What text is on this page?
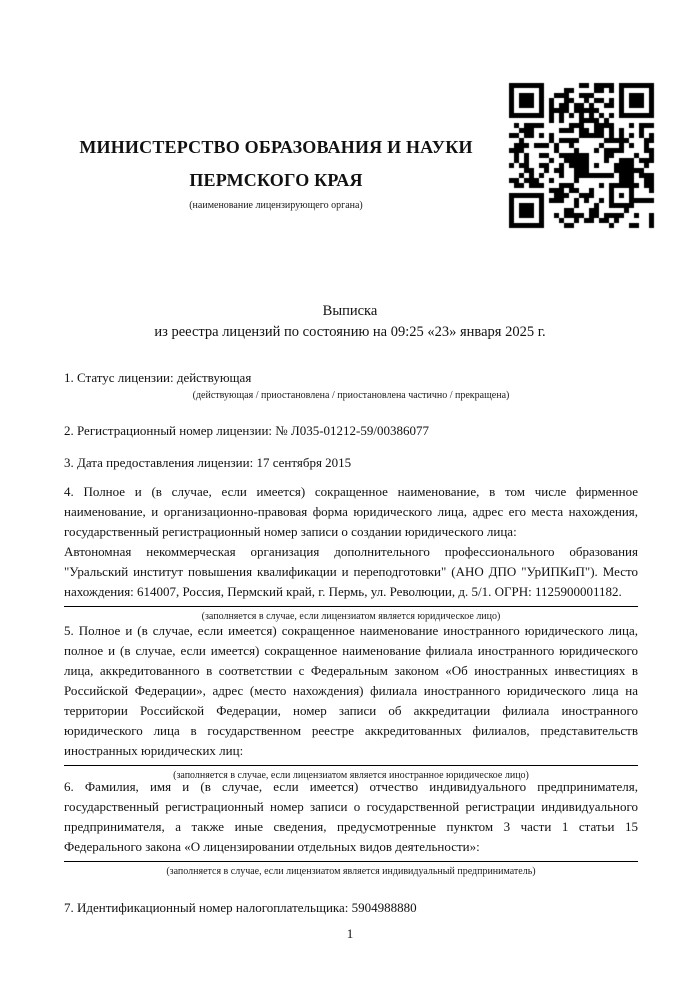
МИНИСТЕРСТВО ОБРАЗОВАНИЯ И НАУКИ
ПЕРМСКОГО КРАЯ
(наименование лицензирующего органа)
Выписка
из реестра лицензий по состоянию на 09:25 «23» января 2025 г.

1. Статус лицензии: действующая

(действующая / приостановлена / приостановлена частично / прекращена)

2. Регистрационный номер лицензии: № Л035-01212-59/00386077

3. Дата предоставления лицензии: 17 сентября 2015

4. Полное и (в случае, если имеется) сокращенное наименование, в том числе фирменное наименование, и организационно-правовая форма юридического лица, адрес его места нахождения, государственный регистрационный номер записи о создании юридического лица:

Автономная некоммерческая организация дополнительного профессионального образования "Уральский институт повышения квалификации и переподготовки" (АНО ДПО "УрИПКиП"). Место нахождения: 614007, Россия, Пермский край, г. Пермь, ул. Революции, д. 5/1. ОГРН: 1125900001182.

(заполняется в случае, если лицензиатом является юридическое лицо)

5. Полное и (в случае, если имеется) сокращенное наименование иностранного юридического лица, полное и (в случае, если имеется) сокращенное наименование филиала иностранного юридического лица, аккредитованного в соответствии с Федеральным законом «Об иностранных инвестициях в Российской Федерации», адрес (место нахождения) филиала иностранного юридического лица на территории Российской Федерации, номер записи об аккредитации филиала иностранного юридического лица в государственном реестре аккредитованных филиалов, представительств иностранных юридических лиц:

(заполняется в случае, если лицензиатом является иностранное юридическое лицо)

6. Фамилия, имя и (в случае, если имеется) отчество индивидуального предпринимателя, государственный регистрационный номер записи о государственной регистрации индивидуального предпринимателя, а также иные сведения, предусмотренные пунктом 3 части 1 статьи 15 Федерального закона «О лицензировании отдельных видов деятельности»:

(заполняется в случае, если лицензиатом является индивидуальный предприниматель)

7. Идентификационный номер налогоплательщика: 5904988880

1
